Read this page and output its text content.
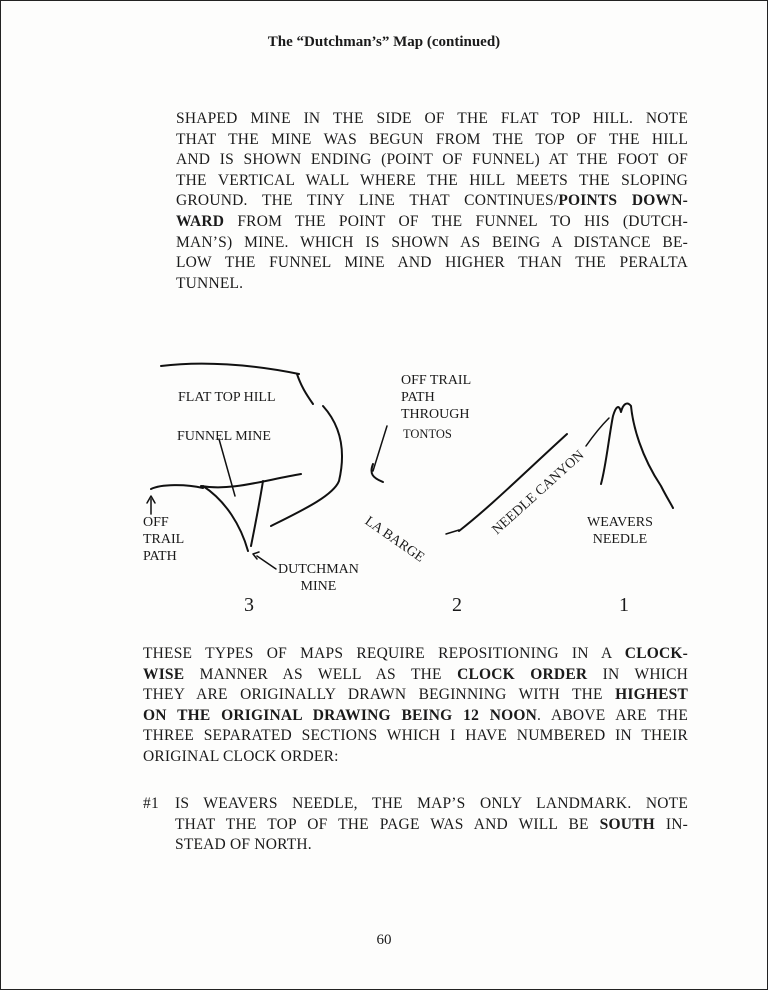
The “Dutchman’s” Map (continued)
SHAPED MINE IN THE SIDE OF THE FLAT TOP HILL. NOTE
THAT THE MINE WAS BEGUN FROM THE TOP OF THE HILL
AND IS SHOWN ENDING (POINT OF FUNNEL) AT THE FOOT OF
THE VERTICAL WALL WHERE THE HILL MEETS THE SLOPING
GROUND. THE TINY LINE THAT CONTINUES/POINTS DOWN-
WARD FROM THE POINT OF THE FUNNEL TO HIS (DUTCH-
MAN’S) MINE. WHICH IS SHOWN AS BEING A DISTANCE BE-
LOW THE FUNNEL MINE AND HIGHER THAN THE PERALTA
TUNNEL.
FLAT TOP HILL
FUNNEL MINE
OFF
TRAIL
PATH
DUTCHMAN
MINE
OFF TRAIL
PATH
THROUGH
TONTOS
LA BARGE
NEEDLE CANYON WEAVERS
NEEDLE
3	2	1
THESE TYPES OF MAPS REQUIRE REPOSITIONING IN A CLOCK-
WISE MANNER AS WELL AS THE CLOCK ORDER IN WHICH
THEY ARE ORIGINALLY DRAWN BEGINNING WITH THE HIGHEST
ON THE ORIGINAL DRAWING BEING 12 NOON. ABOVE ARE THE
THREE SEPARATED SECTIONS WHICH I HAVE NUMBERED IN THEIR
ORIGINAL CLOCK ORDER:
#1 IS WEAVERS NEEDLE, THE MAP’S ONLY LANDMARK. NOTE
THAT THE TOP OF THE PAGE WAS AND WILL BE SOUTH IN-
STEAD OF NORTH.
60
